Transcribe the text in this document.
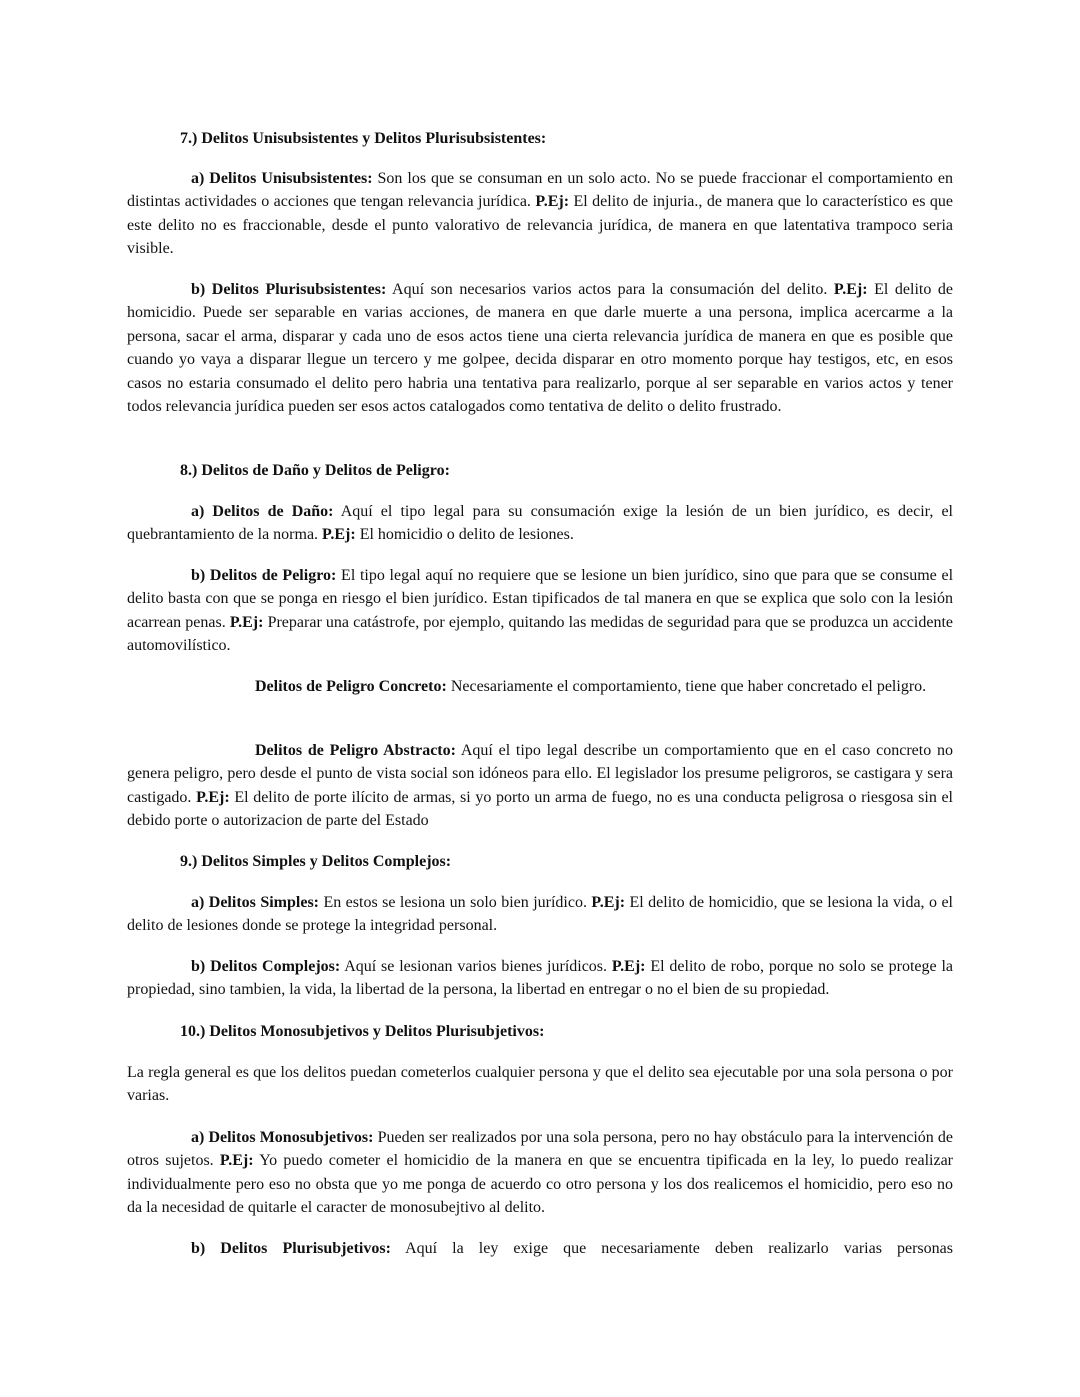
7.) Delitos Unisubsistentes y Delitos Plurisubsistentes:

a) Delitos Unisubsistentes: Son los que se consuman en un solo acto. No se puede fraccionar el comportamiento en distintas actividades o acciones que tengan relevancia jurídica. P.Ej: El delito de injuria., de manera que lo característico es que este delito no es fraccionable, desde el punto valorativo de relevancia jurídica, de manera en que latentativa trampoco seria visible.

b) Delitos Plurisubsistentes: Aquí son necesarios varios actos para la consumación del delito. P.Ej: El delito de homicidio. Puede ser separable en varias acciones, de manera en que darle muerte a una persona, implica acercarme a la persona, sacar el arma, disparar y cada uno de esos actos tiene una cierta relevancia jurídica de manera en que es posible que cuando yo vaya a disparar llegue un tercero y me golpee, decida disparar en otro momento porque hay testigos, etc, en esos casos no estaria consumado el delito pero habria una tentativa para realizarlo, porque al ser separable en varios actos y tener todos relevancia jurídica pueden ser esos actos catalogados como tentativa de delito o delito frustrado.

8.) Delitos de Daño y Delitos de Peligro:

a) Delitos de Daño: Aquí el tipo legal para su consumación exige la lesión de un bien jurídico, es decir, el quebrantamiento de la norma. P.Ej: El homicidio o delito de lesiones.

b) Delitos de Peligro: El tipo legal aquí no requiere que se lesione un bien jurídico, sino que para que se consume el delito basta con que se ponga en riesgo el bien jurídico. Estan tipificados de tal manera en que se explica que solo con la lesión acarrean penas. P.Ej: Preparar una catástrofe, por ejemplo, quitando las medidas de seguridad para que se produzca un accidente automovilístico.

Delitos de Peligro Concreto: Necesariamente el comportamiento, tiene que haber concretado el peligro.

Delitos de Peligro Abstracto: Aquí el tipo legal describe un comportamiento que en el caso concreto no genera peligro, pero desde el punto de vista social son idóneos para ello. El legislador los presume peligroros, se castigara y sera castigado. P.Ej: El delito de porte ilícito de armas, si yo porto un arma de fuego, no es una conducta peligrosa o riesgosa sin el debido porte o autorizacion de parte del Estado

9.) Delitos Simples y Delitos Complejos:

a) Delitos Simples: En estos se lesiona un solo bien jurídico. P.Ej: El delito de homicidio, que se lesiona la vida, o el delito de lesiones donde se protege la integridad personal.

b) Delitos Complejos: Aquí se lesionan varios bienes jurídicos. P.Ej: El delito de robo, porque no solo se protege la propiedad, sino tambien, la vida, la libertad de la persona, la libertad en entregar o no el bien de su propiedad.

10.) Delitos Monosubjetivos y Delitos Plurisubjetivos:

La regla general es que los delitos puedan cometerlos cualquier persona y que el delito sea ejecutable por una sola persona o por varias.

a) Delitos Monosubjetivos: Pueden ser realizados por una sola persona, pero no hay obstáculo para la intervención de otros sujetos. P.Ej: Yo puedo cometer el homicidio de la manera en que se encuentra tipificada en la ley, lo puedo realizar individualmente pero eso no obsta que yo me ponga de acuerdo co otro persona y los dos realicemos el homicidio, pero eso no da la necesidad de quitarle el caracter de monosubejtivo al delito.

b) Delitos Plurisubjetivos: Aquí la ley exige que necesariamente deben realizarlo varias personas
